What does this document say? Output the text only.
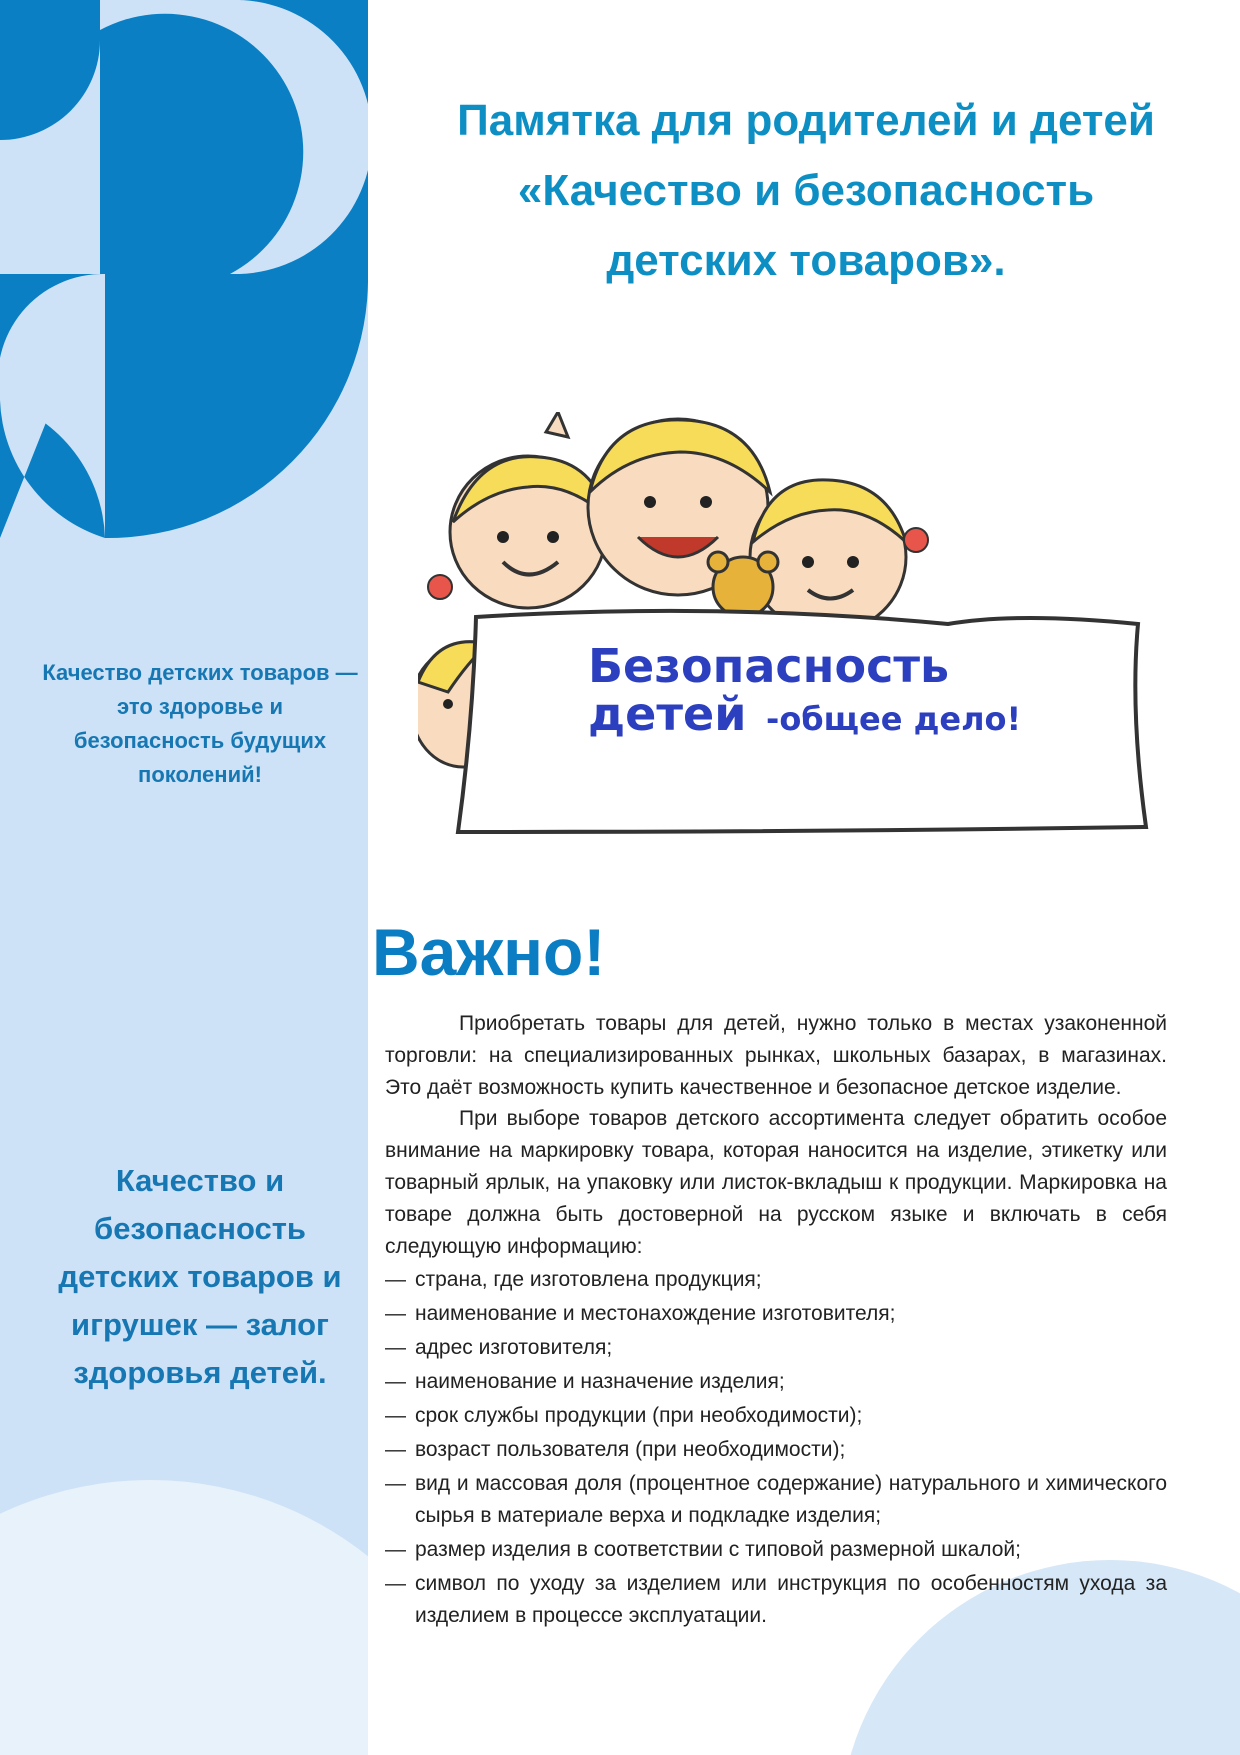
Памятка для родителей и детей
«Качество и безопасность
детских товаров».
Качество детских товаров — это здоровье и безопасность будущих поколений!
Качество и безопасность детских товаров и игрушек — залог здоровья детей.
Безопасность
детей -общее дело!
Важно!

Приобретать товары для детей, нужно только в местах узаконенной торговли: на специализированных рынках, школьных базарах, в магазинах. Это даёт возможность купить качественное и безопасное детское изделие.

При выборе товаров детского ассортимента следует обратить особое внимание на маркировку товара, которая наносится на изделие, этикетку или товарный ярлык, на упаковку или листок-вкладыш к продукции. Маркировка на товаре должна быть достоверной на русском языке и включать в себя следующую информацию:

— страна, где изготовлена продукция;
— наименование и местонахождение изготовителя;
— адрес изготовителя;
— наименование и назначение изделия;
— срок службы продукции (при необходимости);
— возраст пользователя (при необходимости);
— вид и массовая доля (процентное содержание) натурального и химического сырья в материале верха и подкладке изделия;
— размер изделия в соответствии с типовой размерной шкалой;
— символ по уходу за изделием или инструкция по особенностям ухода за изделием в процессе эксплуатации.
